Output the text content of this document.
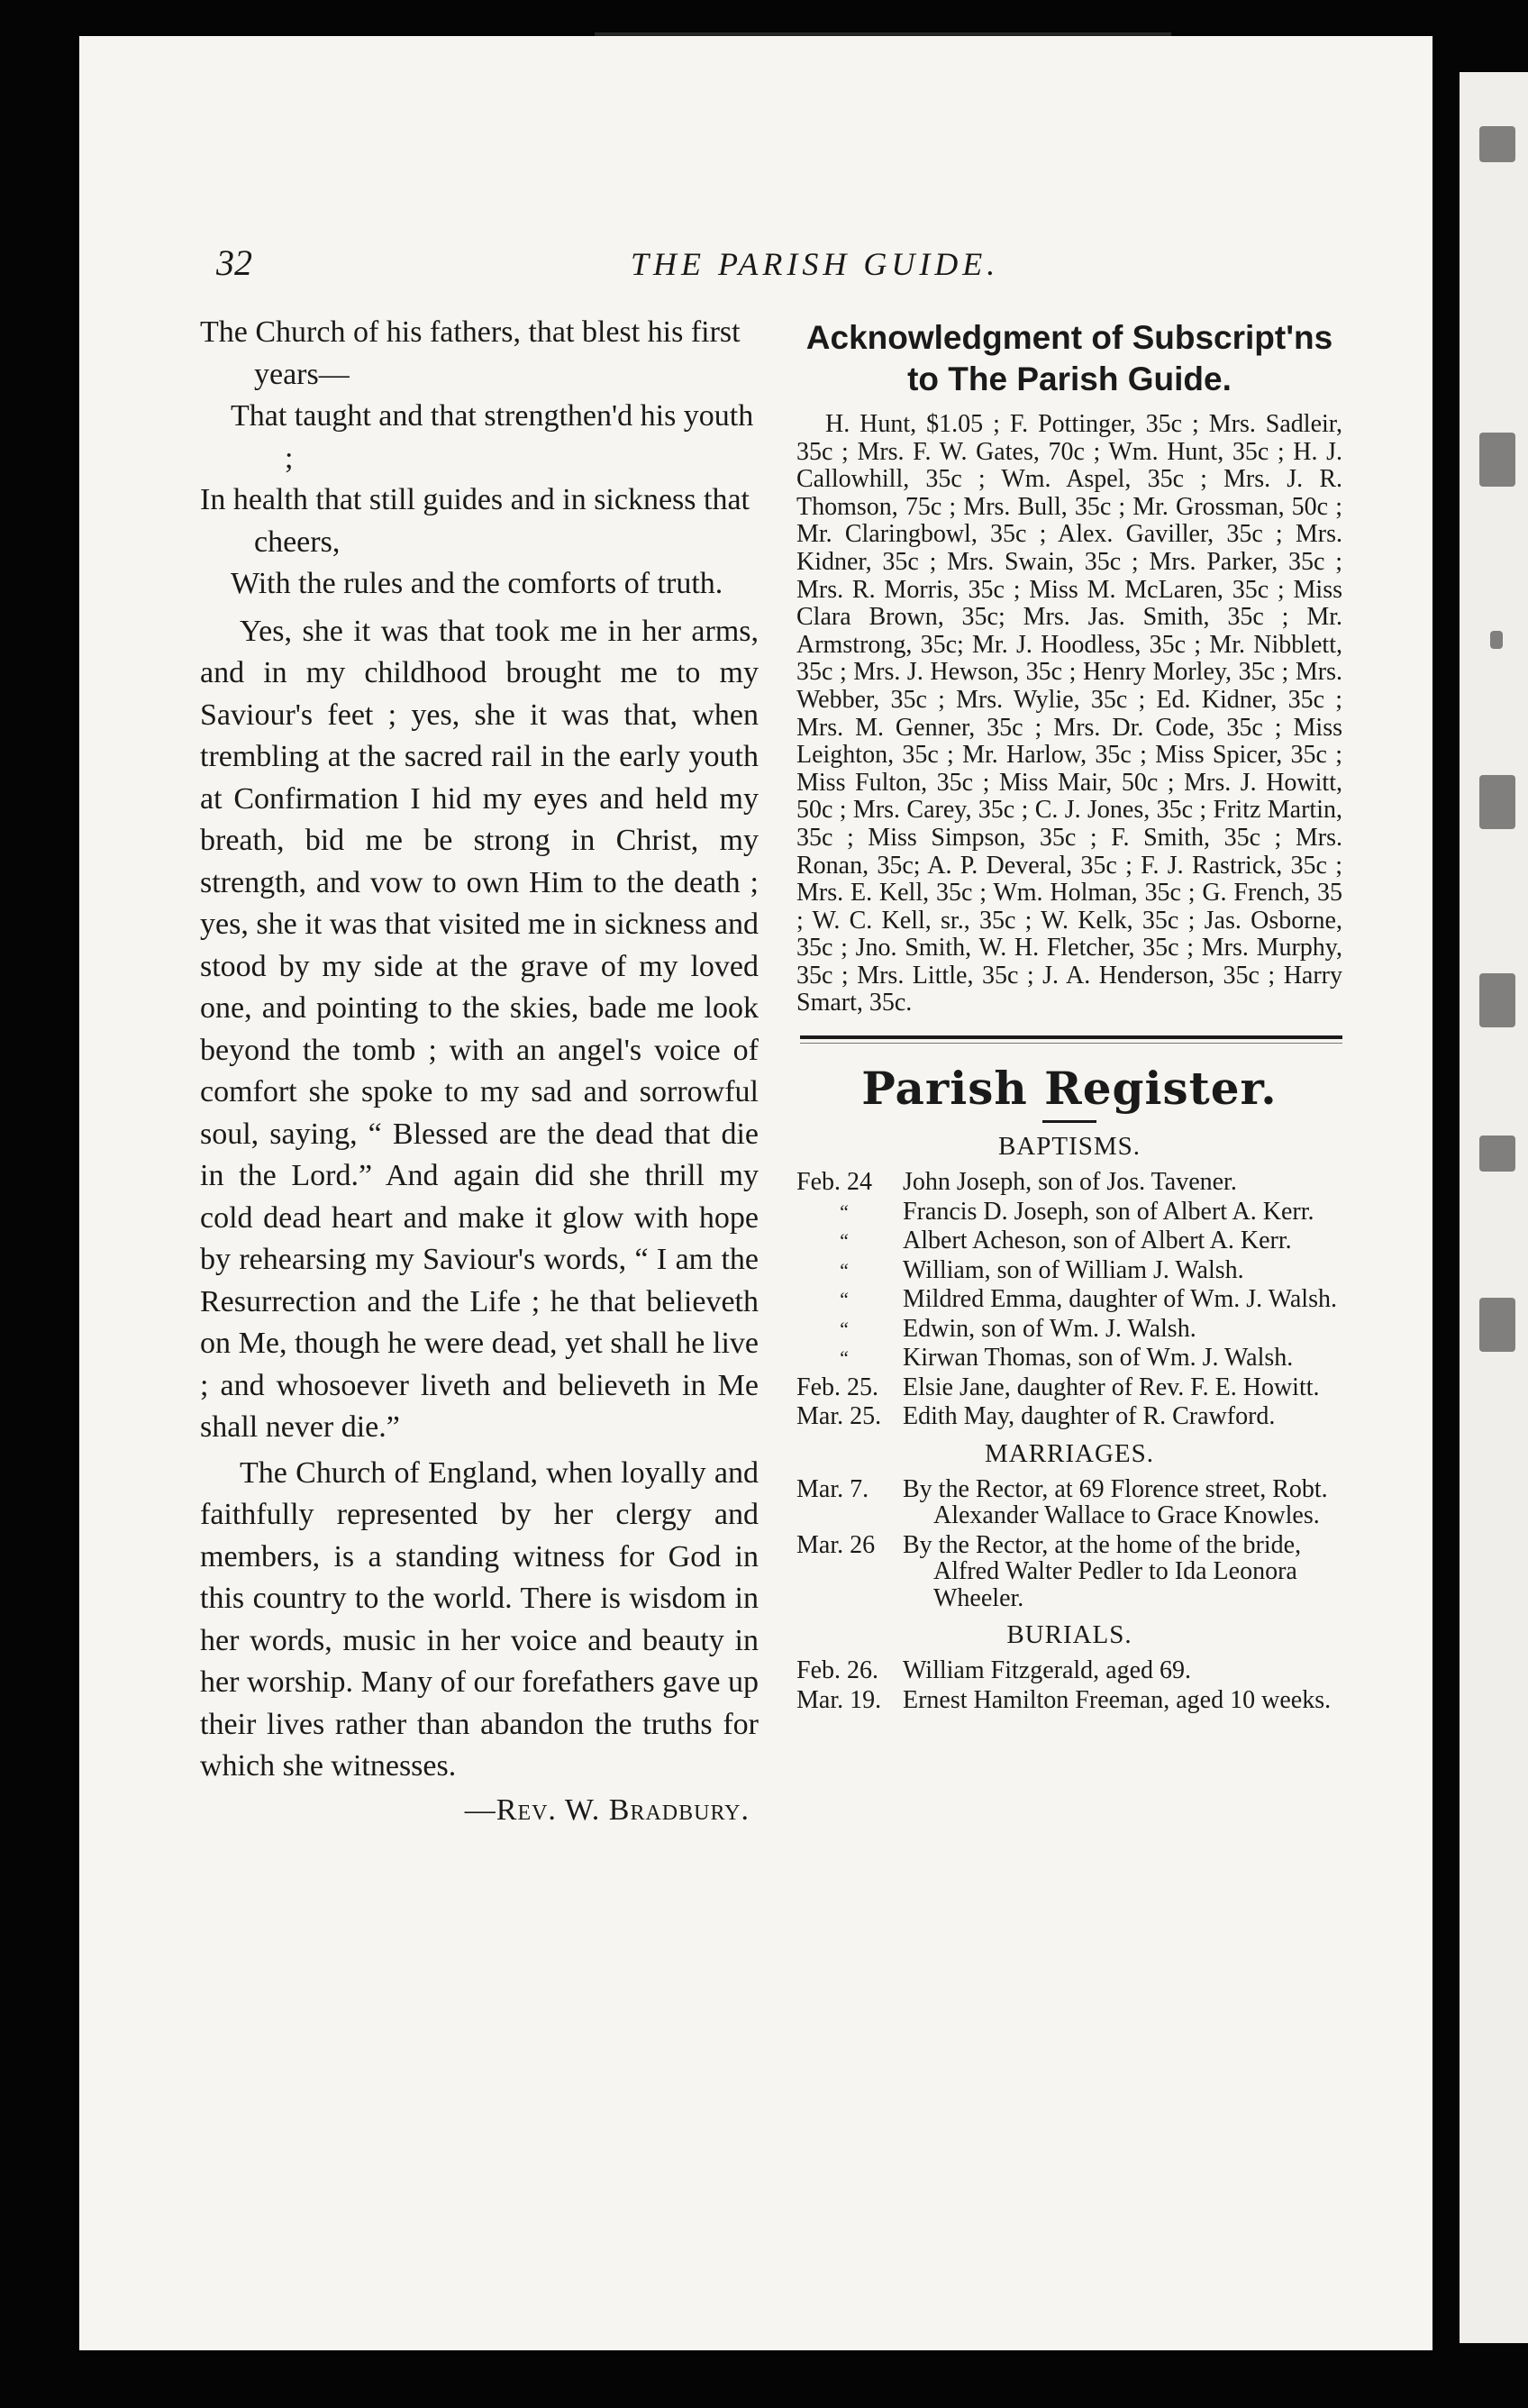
32	THE PARISH GUIDE.

The Church of his fathers, that blest his first years—

That taught and that strengthen'd his youth ;

In health that still guides and in sickness that cheers,

With the rules and the comforts of truth.

Yes, she it was that took me in her arms, and in my childhood brought me to my Saviour's feet ; yes, she it was that, when trembling at the sacred rail in the early youth at Confirmation I hid my eyes and held my breath, bid me be strong in Christ, my strength, and vow to own Him to the death ; yes, she it was that visited me in sickness and stood by my side at the grave of my loved one, and pointing to the skies, bade me look beyond the tomb ; with an angel's voice of comfort she spoke to my sad and sorrowful soul, saying, “ Blessed are the dead that die in the Lord.” And again did she thrill my cold dead heart and make it glow with hope by rehearsing my Saviour's words, “ I am the Resurrection and the Life ; he that believeth on Me, though he were dead, yet shall he live ; and whosoever liveth and believeth in Me shall never die.”

The Church of England, when loyally and faithfully represented by her clergy and members, is a standing witness for God in this country to the world. There is wisdom in her words, music in her voice and beauty in her worship. Many of our forefathers gave up their lives rather than abandon the truths for which she witnesses.

—Rev. W. Bradbury.

Acknowledgment of Subscript'ns
to The Parish Guide.

H. Hunt, $1.05 ; F. Pottinger, 35c ; Mrs. Sadleir, 35c ; Mrs. F. W. Gates, 70c ; Wm. Hunt, 35c ; H. J. Callowhill, 35c ; Wm. Aspel, 35c ; Mrs. J. R. Thomson, 75c ; Mrs. Bull, 35c ; Mr. Grossman, 50c ; Mr. Claringbowl, 35c ; Alex. Gaviller, 35c ; Mrs. Kidner, 35c ; Mrs. Swain, 35c ; Mrs. Parker, 35c ; Mrs. R. Morris, 35c ; Miss M. McLaren, 35c ; Miss Clara Brown, 35c; Mrs. Jas. Smith, 35c ; Mr. Armstrong, 35c; Mr. J. Hoodless, 35c ; Mr. Nibblett, 35c ; Mrs. J. Hewson, 35c ; Henry Morley, 35c ; Mrs. Webber, 35c ; Mrs. Wylie, 35c ; Ed. Kidner, 35c ; Mrs. M. Genner, 35c ; Mrs. Dr. Code, 35c ; Miss Leighton, 35c ; Mr. Harlow, 35c ; Miss Spicer, 35c ; Miss Fulton, 35c ; Miss Mair, 50c ; Mrs. J. Howitt, 50c ; Mrs. Carey, 35c ; C. J. Jones, 35c ; Fritz Martin, 35c ; Miss Simpson, 35c ; F. Smith, 35c ; Mrs. Ronan, 35c; A. P. Deveral, 35c ; F. J. Rastrick, 35c ; Mrs. E. Kell, 35c ; Wm. Holman, 35c ; G. French, 35 ; W. C. Kell, sr., 35c ; W. Kelk, 35c ; Jas. Osborne, 35c ; Jno. Smith, W. H. Fletcher, 35c ; Mrs. Murphy, 35c ; Mrs. Little, 35c ; J. A. Henderson, 35c ; Harry Smart, 35c.

Parish Register.
BAPTISMS.
Feb. 24	John Joseph, son of Jos. Tavener.
“	Francis D. Joseph, son of Albert A. Kerr.
“	Albert Acheson, son of Albert A. Kerr.
“	William, son of William J. Walsh.
“	Mildred Emma, daughter of Wm. J. Walsh.
“	Edwin, son of Wm. J. Walsh.
“	Kirwan Thomas, son of Wm. J. Walsh.
Feb. 25. Elsie Jane, daughter of Rev. F. E. Howitt.
Mar. 25. Edith May, daughter of R. Crawford.
MARRIAGES.
Mar. 7.	By the Rector, at 69 Florence street, Robt. Alexander Wallace to Grace Knowles.
Mar. 26	By the Rector, at the home of the bride, Alfred Walter Pedler to Ida Leonora Wheeler.
BURIALS.
Feb. 26. William Fitzgerald, aged 69.
Mar. 19. Ernest Hamilton Freeman, aged 10 weeks.
